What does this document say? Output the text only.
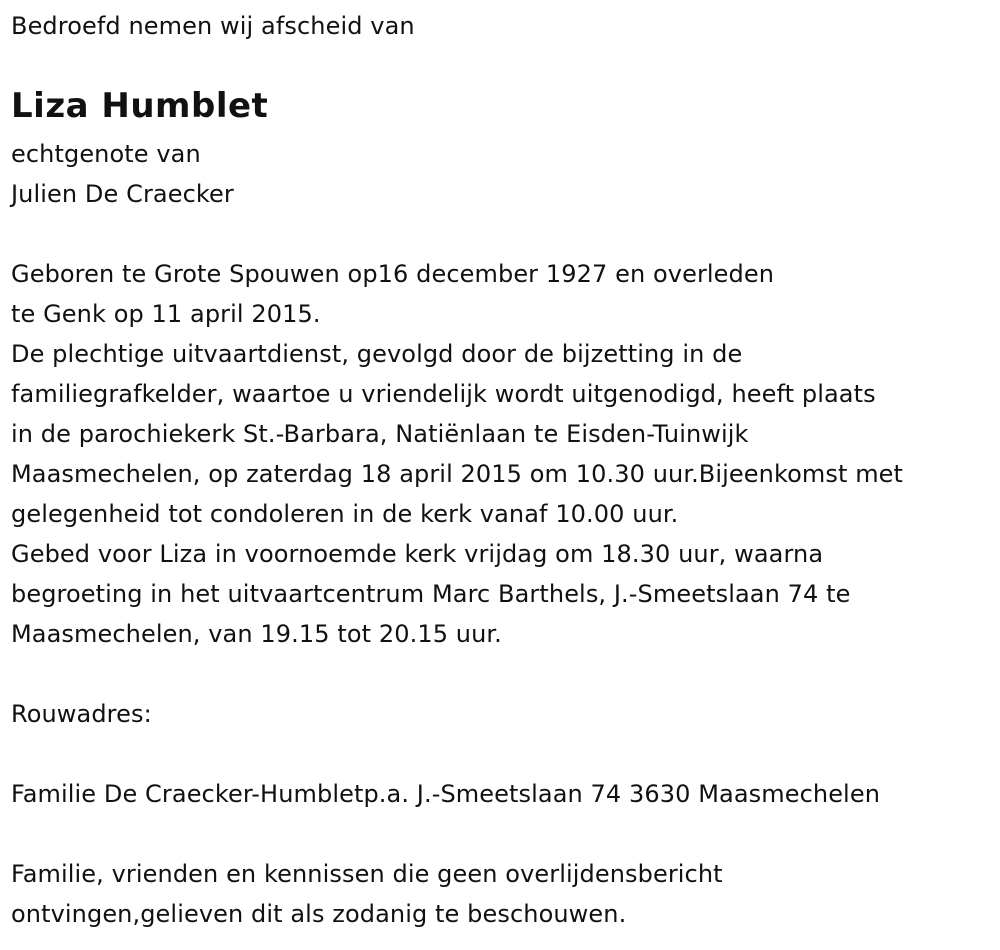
Bedroefd nemen wij afscheid van
Liza Humblet
echtgenote van
Julien De Craecker
Geboren te Grote Spouwen op16 december 1927 en overleden
te Genk op 11 april 2015.
De plechtige uitvaartdienst, gevolgd door de bijzetting in de
familiegrafkelder, waartoe u vriendelijk wordt uitgenodigd, heeft plaats
in de parochiekerk St.-Barbara, Natiënlaan te Eisden-Tuinwijk
Maasmechelen, op zaterdag 18 april 2015 om 10.30 uur.Bijeenkomst met
gelegenheid tot condoleren in de kerk vanaf 10.00 uur.
Gebed voor Liza in voornoemde kerk vrijdag om 18.30 uur, waarna
begroeting in het uitvaartcentrum Marc Barthels, J.-Smeetslaan 74 te
Maasmechelen, van 19.15 tot 20.15 uur.
Rouwadres:
Familie De Craecker-Humbletp.a. J.-Smeetslaan 74 3630 Maasmechelen
Familie, vrienden en kennissen die geen overlijdensbericht
ontvingen,gelieven dit als zodanig te beschouwen.
